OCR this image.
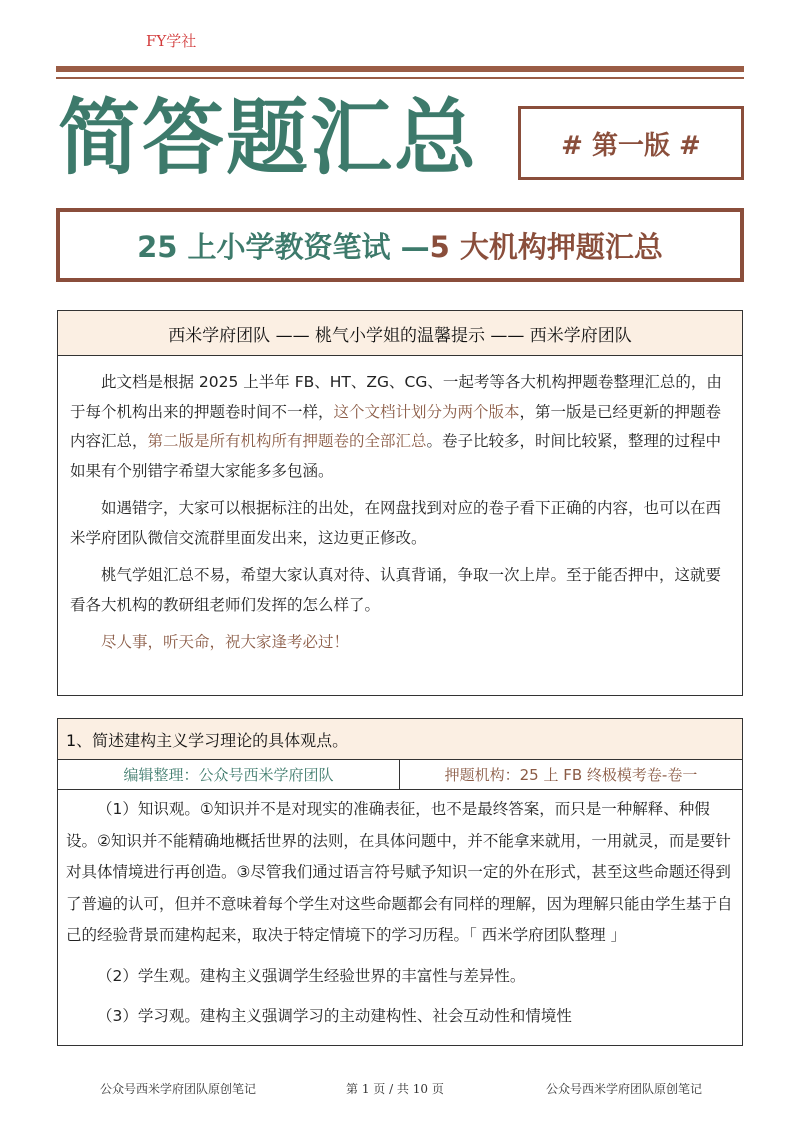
FY学社
简答题汇总	# 第一版 #
25 上小学教资笔试 — 5 大机构押题汇总
西米学府团队 —— 桃气小学姐的温馨提示 —— 西米学府团队

此文档是根据 2025 上半年 FB、HT、ZG、CG、一起考等各大机构押题卷整理汇总的，由于每个机构出来的押题卷时间不一样，这个文档计划分为两个版本，第一版是已经更新的押题卷内容汇总，第二版是所有机构所有押题卷的全部汇总。卷子比较多，时间比较紧，整理的过程中如果有个别错字希望大家能多多包涵。

如遇错字，大家可以根据标注的出处，在网盘找到对应的卷子看下正确的内容，也可以在西米学府团队微信交流群里面发出来，这边更正修改。

桃气学姐汇总不易，希望大家认真对待、认真背诵，争取一次上岸。至于能否押中，这就要看各大机构的教研组老师们发挥的怎么样了。

尽人事，听天命，祝大家逢考必过！

1、简述建构主义学习理论的具体观点。
编辑整理：公众号西米学府团队	押题机构：25 上 FB 终极模考卷-卷一

（1）知识观。①知识并不是对现实的准确表征，也不是最终答案，而只是一种解释、种假设。②知识并不能精确地概括世界的法则，在具体问题中，并不能拿来就用，一用就灵，而是要针对具体情境进行再创造。③尽管我们通过语言符号赋予知识一定的外在形式，甚至这些命题还得到了普遍的认可，但并不意味着每个学生对这些命题都会有同样的理解，因为理解只能由学生基于自己的经验背景而建构起来，取决于特定情境下的学习历程。「 西米学府团队整理 」

（2）学生观。建构主义强调学生经验世界的丰富性与差异性。

（3）学习观。建构主义强调学习的主动建构性、社会互动性和情境性

公众号西米学府团队原创笔记	第 1 页 / 共 10 页	公众号西米学府团队原创笔记
